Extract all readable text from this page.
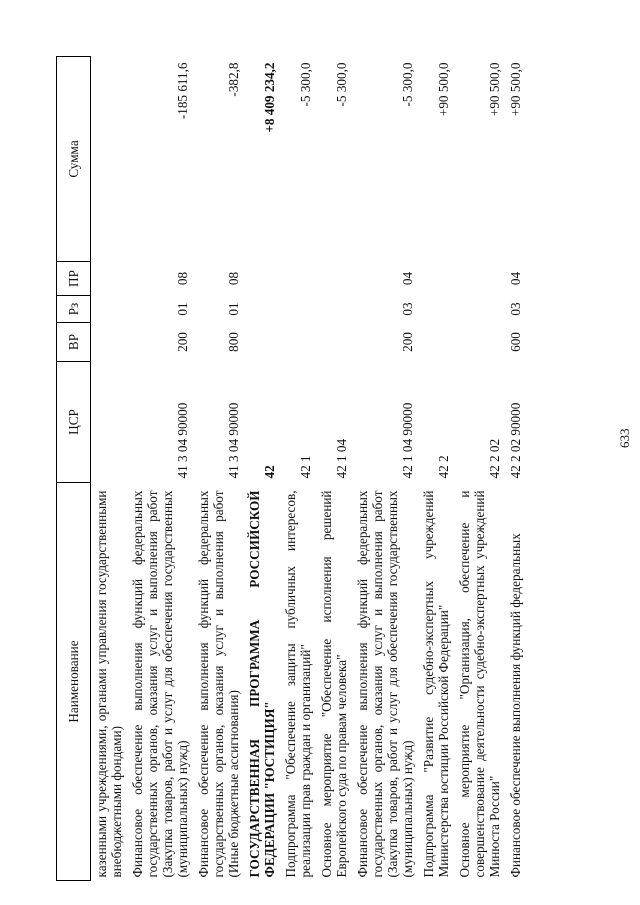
633
Наименование	ЦСР	ВР	Рз	ПР	Сумма
казенными учреждениями, органами управления государственными внебюджетными фондами)					
Финансовое обеспечение выполнения функций федеральных государственных органов, оказания услуг и выполнения работ (Закупка товаров, работ и услуг для обеспечения государственных (муниципальных) нужд)	41 3 04 90000	200	01	08	-185 611,6
Финансовое обеспечение выполнения функций федеральных государственных органов, оказания услуг и выполнения работ (Иные бюджетные ассигнования)	41 3 04 90000	800	01	08	-382,8
ГОСУДАРСТВЕННАЯ ПРОГРАММА РОССИЙСКОЙ ФЕДЕРАЦИИ "ЮСТИЦИЯ"	42				+8 409 234,2
Подпрограмма "Обеспечение защиты публичных интересов, реализации прав граждан и организаций"	42 1				-5 300,0
Основное мероприятие "Обеспечение исполнения решений Европейского суда по правам человека"	42 1 04				-5 300,0
Финансовое обеспечение выполнения функций федеральных государственных органов, оказания услуг и выполнения работ (Закупка товаров, работ и услуг для обеспечения государственных (муниципальных) нужд)	42 1 04 90000	200	03	04	-5 300,0
Подпрограмма "Развитие судебно-экспертных учреждений Министерства юстиции Российской Федерации"	42 2				+90 500,0
Основное мероприятие "Организация, обеспечение и совершенствование деятельности судебно-экспертных учреждений Минюста России"	42 2 02				+90 500,0
Финансовое обеспечение выполнения функций федеральных	42 2 02 90000	600	03	04	+90 500,0
